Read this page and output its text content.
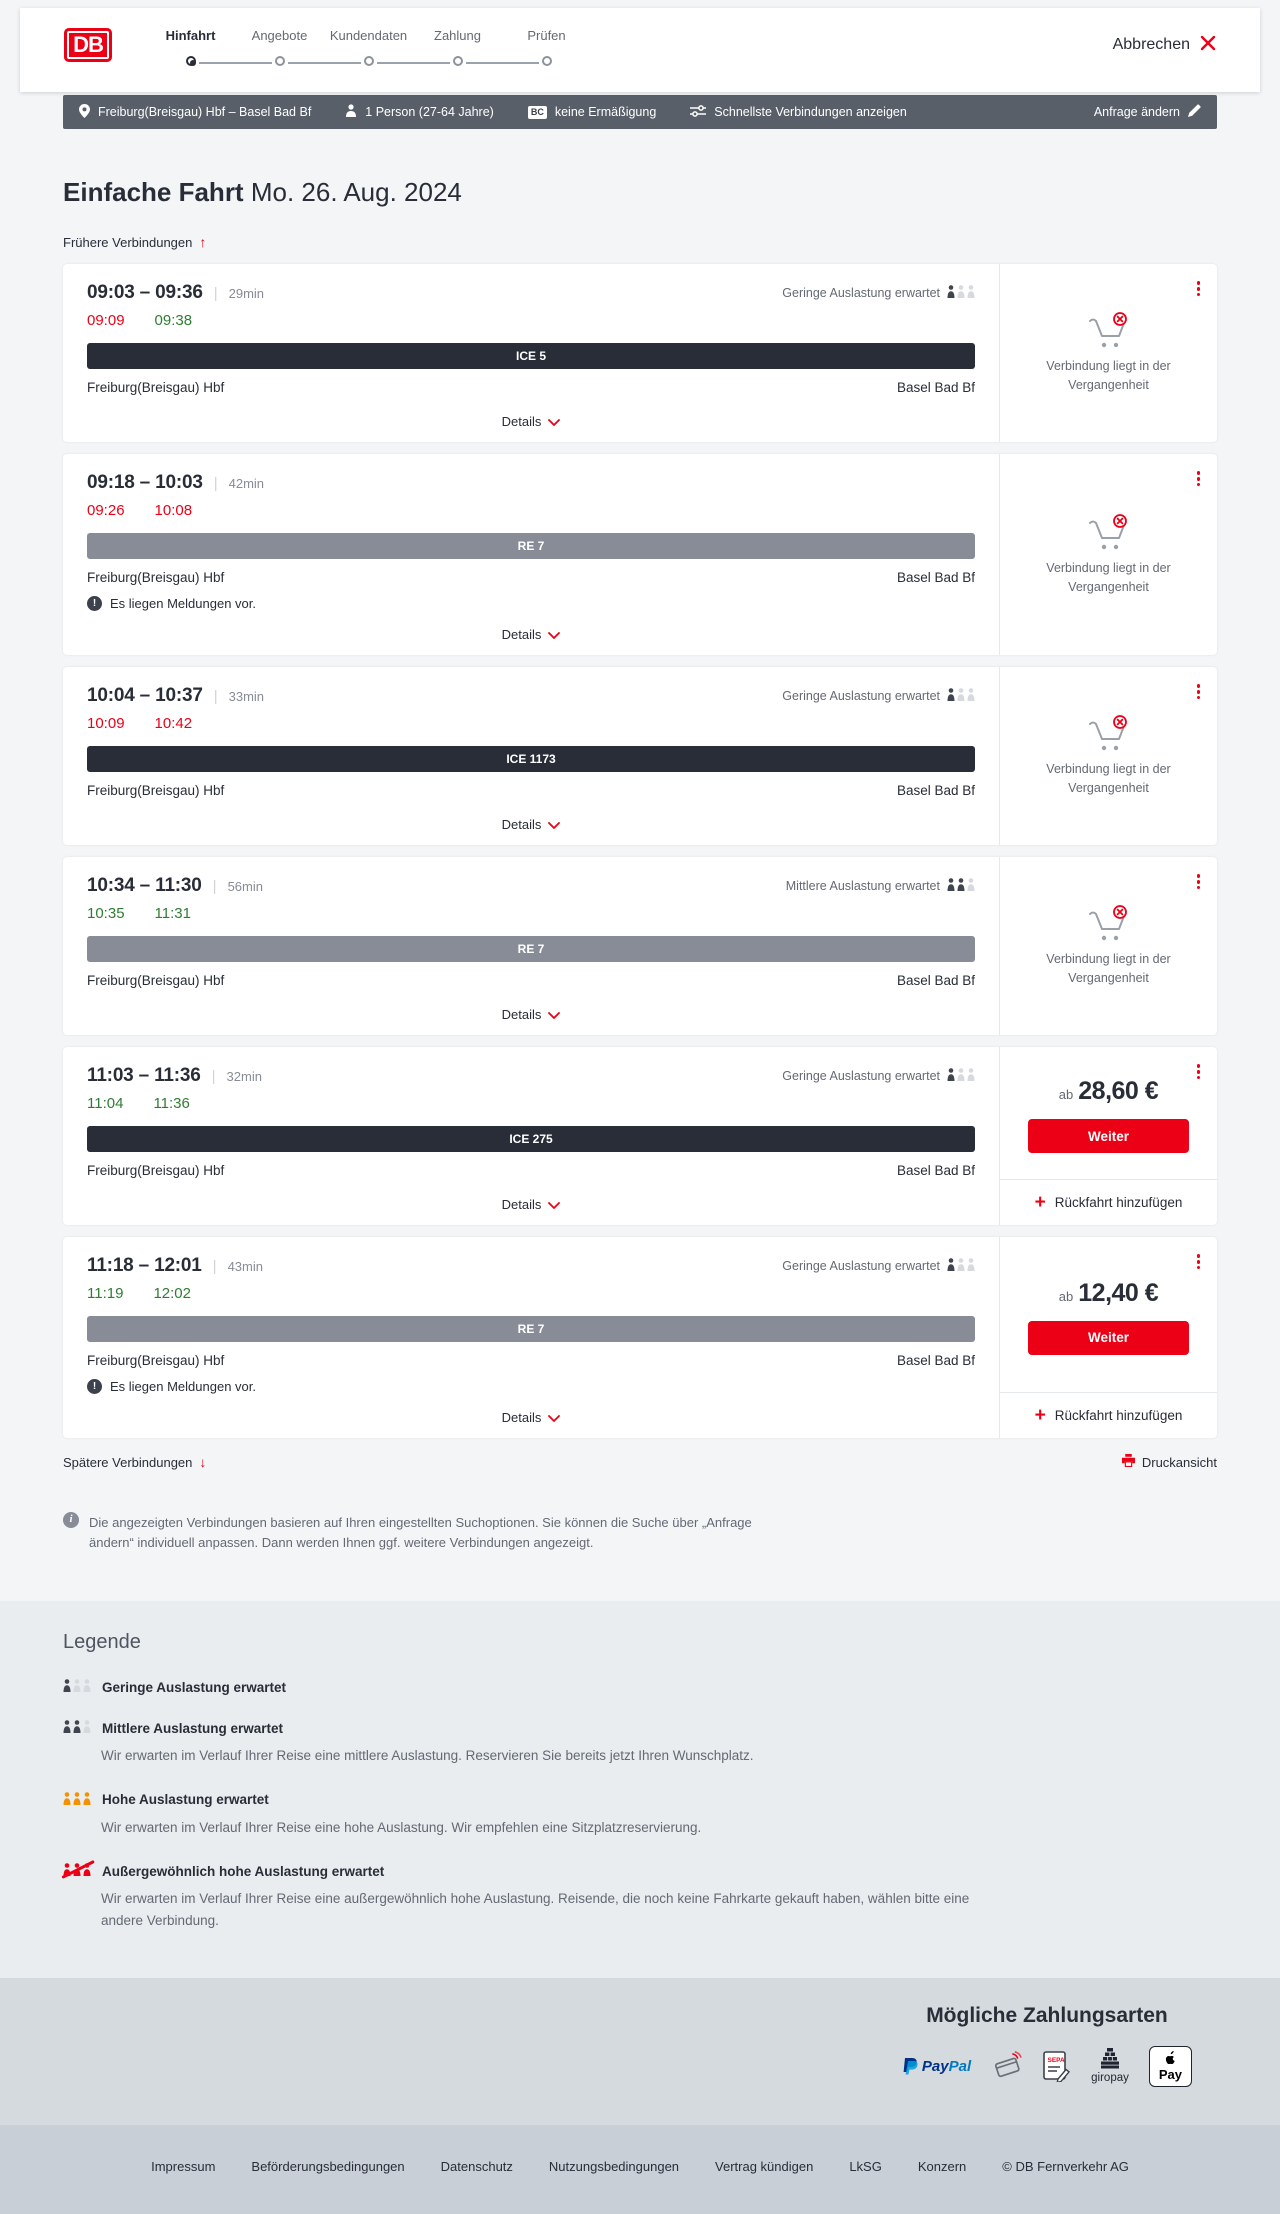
DB	Hinfahrt	Angebote Kundendaten Zahlung	Prüfen
Abbrechen
Freiburg(Breisgau) Hbf – Basel Bad Bf	1 Person (27-64 Jahre)	BC keine Ermäßigung	Schnellste Verbindungen anzeigen	Anfrage ändern
Einfache Fahrt Mo. 26. Aug. 2024
Frühere Verbindungen ↑
09:03 – 09:36 | 29min	Geringe Auslastung erwartet
09:09 09:38
ICE 5
Freiburg(Breisgau) Hbf	Basel Bad Bf
Details
Verbindung liegt in der Vergangenheit
09:18 – 10:03 | 42min
09:26 10:08
RE 7
Freiburg(Breisgau) Hbf	Basel Bad Bf
!	Es liegen Meldungen vor.
Details
Verbindung liegt in der Vergangenheit
10:04 – 10:37 | 33min	Geringe Auslastung erwartet
10:09 10:42
ICE 1173
Freiburg(Breisgau) Hbf	Basel Bad Bf
Details
Verbindung liegt in der Vergangenheit
10:34 – 11:30 | 56min	Mittlere Auslastung erwartet
10:35 11:31
RE 7
Freiburg(Breisgau) Hbf	Basel Bad Bf
Details
Verbindung liegt in der Vergangenheit
11:03 – 11:36 | 32min	Geringe Auslastung erwartet
11:04 11:36
ICE 275
Freiburg(Breisgau) Hbf	Basel Bad Bf
Details
ab 28,60 €
Weiter
+ Rückfahrt hinzufügen
11:18 – 12:01 | 43min	Geringe Auslastung erwartet
11:19 12:02
RE 7
Freiburg(Breisgau) Hbf	Basel Bad Bf
!	Es liegen Meldungen vor.
Details
ab 12,40 €
Weiter
+ Rückfahrt hinzufügen
Spätere Verbindungen ↓	Druckansicht
i	Die angezeigten Verbindungen basieren auf Ihren eingestellten Suchoptionen. Sie können die Suche über „Anfrage ändern“ individuell anpassen. Dann werden Ihnen ggf. weitere Verbindungen angezeigt.

Legende
Geringe Auslastung erwartet
Mittlere Auslastung erwartet

Wir erwarten im Verlauf Ihrer Reise eine mittlere Auslastung. Reservieren Sie bereits jetzt Ihren Wunschplatz.

Hohe Auslastung erwartet

Wir erwarten im Verlauf Ihrer Reise eine hohe Auslastung. Wir empfehlen eine Sitzplatzreservierung.

Außergewöhnlich hohe Auslastung erwartet

Wir erwarten im Verlauf Ihrer Reise eine außergewöhnlich hohe Auslastung. Reisende, die noch keine Fahrkarte gekauft haben, wählen bitte eine andere Verbindung.

Mögliche Zahlungsarten
PayPal	SEPA
giropay Pay
Impressum	Beförderungsbedingungen	Datenschutz	Nutzungsbedingungen	Vertrag kündigen	LkSG	Konzern	© DB Fernverkehr AG
